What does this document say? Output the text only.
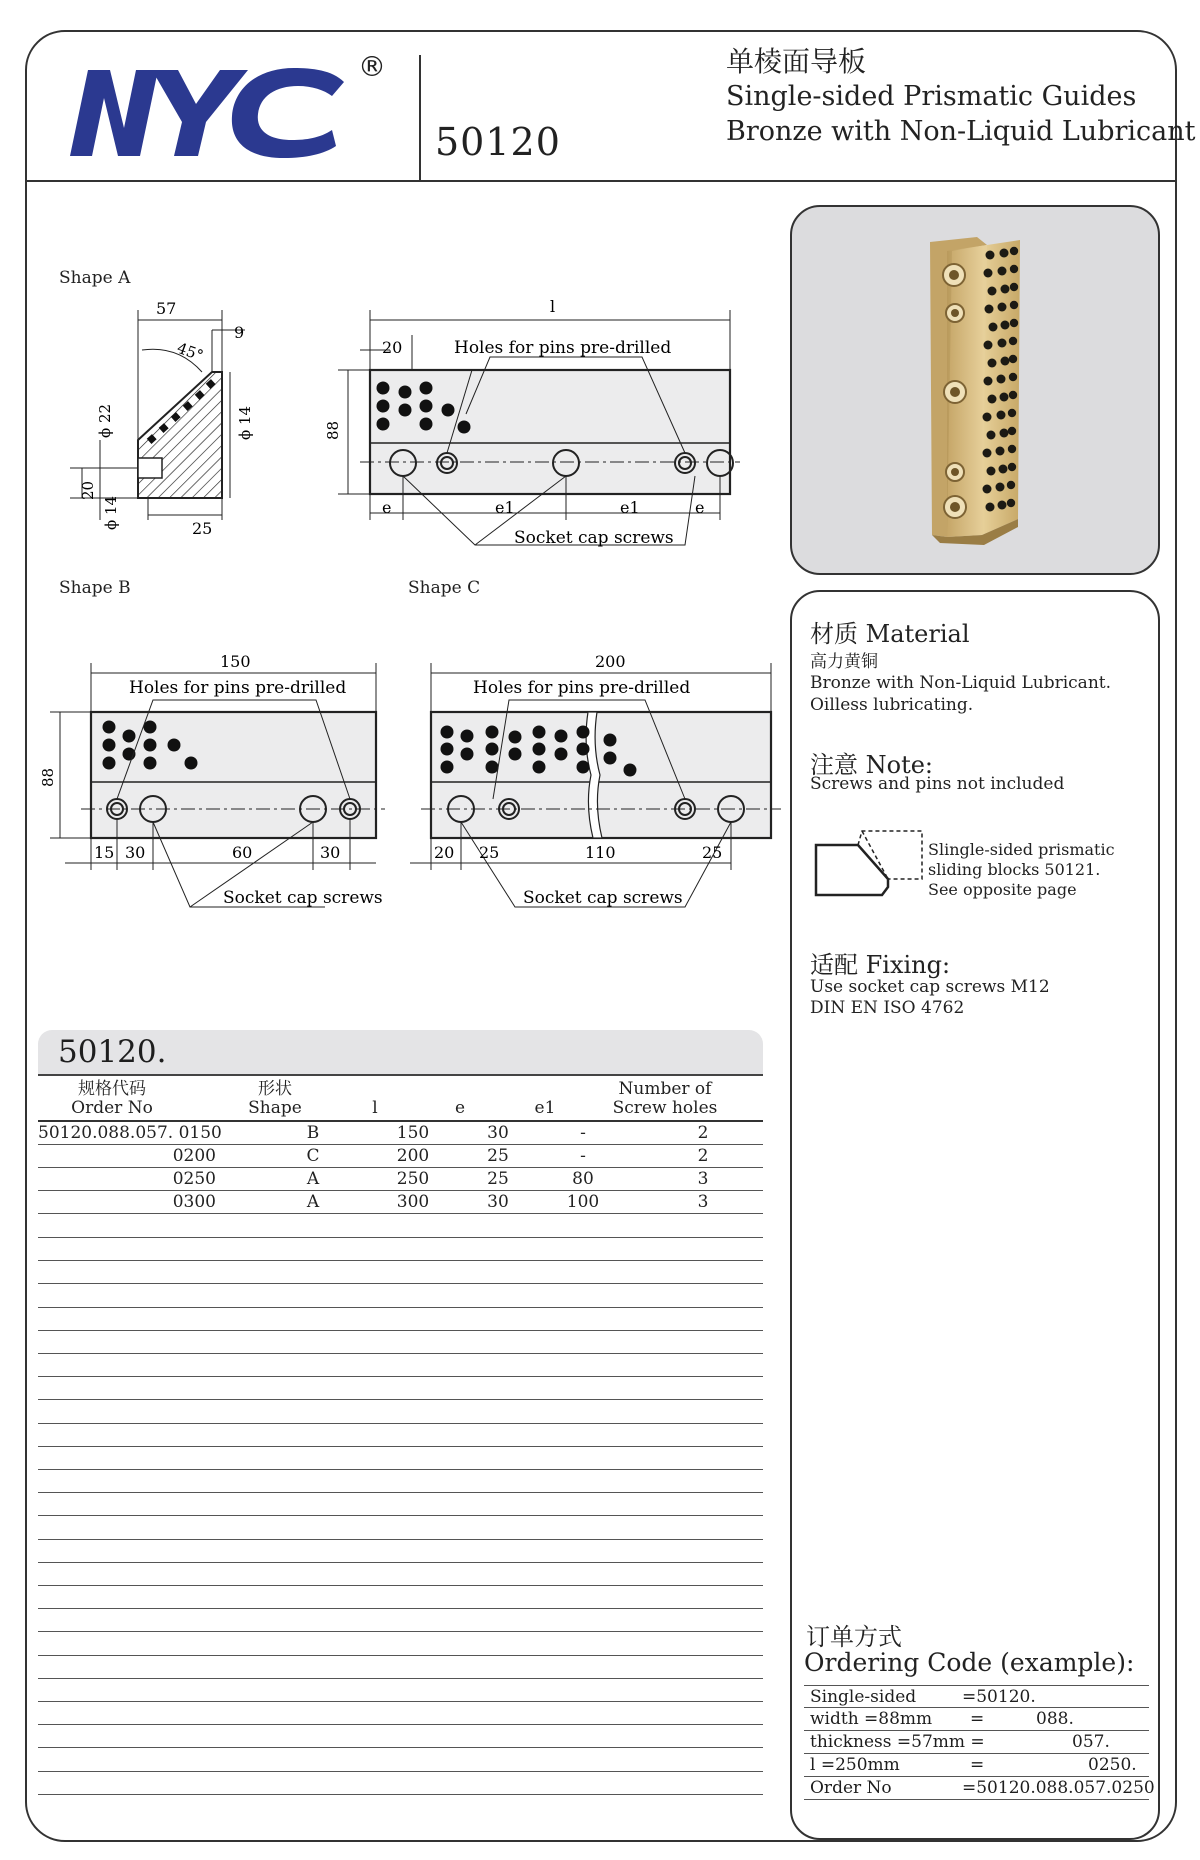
®
50120
单棱面导板
Single-sided Prismatic Guides
Bronze with Non-Liquid Lubricant
Shape A
57
45°
9
ϕ 22	ϕ 14
20
ϕ 14	25
l
20	Holes for pins pre-drilled
88
e	e1	e1	e
Socket cap screws
Shape B
150
Holes for pins pre-drilled
88
15 30	60	30
Socket cap screws
Shape C
200
Holes for pins pre-drilled
20 25	110	25
Socket cap screws
材质 Material
高力黄铜
Bronze with Non-Liquid Lubricant.
Oilless lubricating.
注意 Note:
Screws and pins not included
Slingle-sided prismatic
sliding blocks 50121.
See opposite page
适配 Fixing:
Use socket cap screws M12
DIN EN ISO 4762
订单方式
Ordering Code (example):
Single-sided	=50120.
width =88mm =	088.
thickness =57mm =	057.
l =250mm	=	0250.
Order No	=50120.088.057.0250
50120.
规格代码
Order No
形状
Shape	l	e	e1
Number of
Screw holes
50120.088.057. 0150	B	150	30	-	2
0200	C	200	25	-	2
0250	A	250	25	80	3
0300	A	300	30	100	3
